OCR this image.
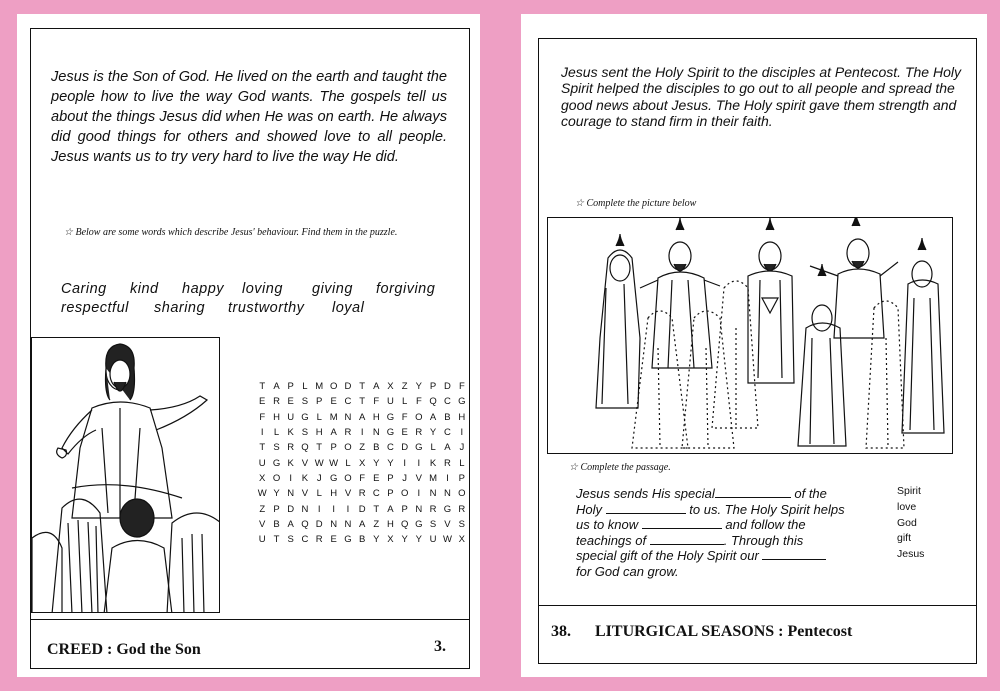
Jesus is the Son of God. He lived on the earth and taught the people how to live the way God wants. The gospels tell us about the things Jesus did when He was on earth. He always did good things for others and showed love to all people. Jesus wants us to try very hard to live the way He did.

☆ Below are some words which describe Jesus' behaviour. Find them in the puzzle.

Caring kind happy loving giving forgiving
respectful sharing trustworthy loyal
T	A	P	L	M	O	D	T	A	X	Z	Y	P	D	F
E	R	E	S	P	E	C	T	F	U	L	F	Q	C	G
F	H	U	G	L	M	N	A	H	G	F	O	A	B	H
I	L	K	S	H	A	R	I	N	G	E	R	Y	C	I
T	S	R	Q	T	P	O	Z	B	C	D	G	L	A	J
U	G	K	V	W	W	L	X	Y	Y	I	I	K	R	L
X	O	I	K	J	G	O	F	E	P	J	V	M	I	P
W	Y	N	V	L	H	V	R	C	P	O	I	N	N	O
Z	P	D	N	I	I	I	D	T	A	P	N	R	G	R
V	B	A	Q	D	N	N	A	Z	H	Q	G	S	V	S
U	T	S	C	R	E	G	B	Y	X	Y	Y	U	W	X
CREED : God the Son	3.

Jesus sent the Holy Spirit to the disciples at Pentecost. The Holy Spirit helped the disciples to go out to all people and spread the good news about Jesus. The Holy spirit gave them strength and courage to stand firm in their faith.

☆ Complete the picture below

☆ Complete the passage.

Jesus sends His special	of the
Holy	to us. The Holy Spirit helps
us to know	and follow the
teachings of	. Through this
special gift of the Holy Spirit our
for God can grow.

Spirit
love
God
gift
Jesus
38. LITURGICAL SEASONS : Pentecost
